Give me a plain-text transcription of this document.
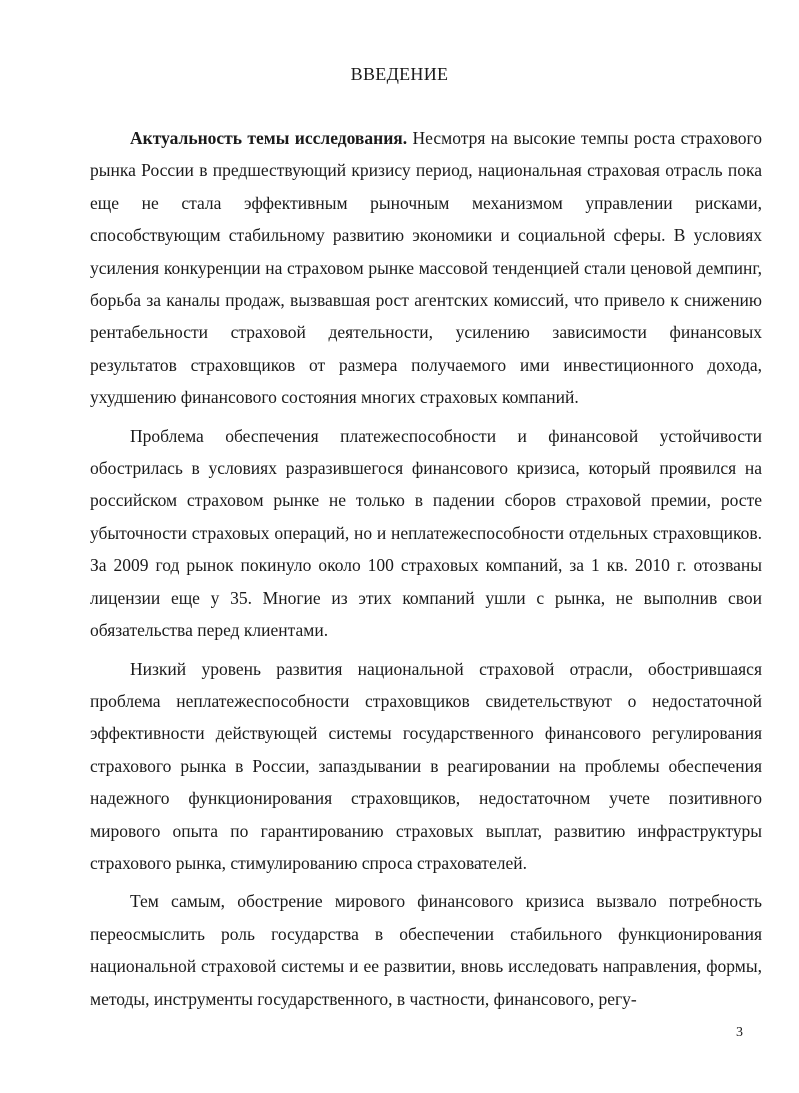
ВВЕДЕНИЕ

Актуальность темы исследования. Несмотря на высокие темпы роста страхового рынка России в предшествующий кризису период, национальная страховая отрасль пока еще не стала эффективным рыночным механизмом управлении рисками, способствующим стабильному развитию экономики и социальной сферы. В условиях усиления конкуренции на страховом рынке массовой тенденцией стали ценовой демпинг, борьба за каналы продаж, вызвавшая рост агентских комиссий, что привело к снижению рентабельности страховой деятельности, усилению зависимости финансовых результатов страховщиков от размера получаемого ими инвестиционного дохода, ухудшению финансового состояния многих страховых компаний.

Проблема обеспечения платежеспособности и финансовой устойчивости обострилась в условиях разразившегося финансового кризиса, который проявился на российском страховом рынке не только в падении сборов страховой премии, росте убыточности страховых операций, но и неплатежеспособности отдельных страховщиков. За 2009 год рынок покинуло около 100 страховых компаний, за 1 кв. 2010 г. отозваны лицензии еще у 35. Многие из этих компаний ушли с рынка, не выполнив свои обязательства перед клиентами.

Низкий уровень развития национальной страховой отрасли, обострившаяся проблема неплатежеспособности страховщиков свидетельствуют о недостаточной эффективности действующей системы государственного финансового регулирования страхового рынка в России, запаздывании в реагировании на проблемы обеспечения надежного функционирования страховщиков, недостаточном учете позитивного мирового опыта по гарантированию страховых выплат, развитию инфраструктуры страхового рынка, стимулированию спроса страхователей.

Тем самым, обострение мирового финансового кризиса вызвало потребность переосмыслить роль государства в обеспечении стабильного функционирования национальной страховой системы и ее развитии, вновь исследовать направления, формы, методы, инструменты государственного, в частности, финансового, регу-

3
